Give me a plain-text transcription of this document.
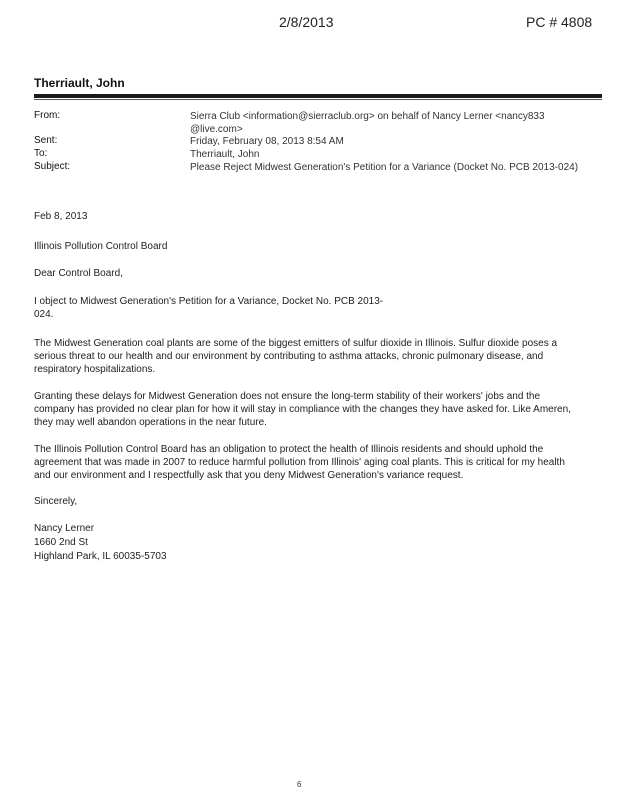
2/8/2013	PC # 4808
Therriault, John
From:	Sierra Club <information@sierraclub.org> on behalf of Nancy Lerner <nancy833 @live.com>
Sent:	Friday, February 08, 2013 8:54 AM
To:	Therriault, John
Subject:	Please Reject Midwest Generation's Petition for a Variance (Docket No. PCB 2013-024)

Feb 8, 2013

Illinois Pollution Control Board

Dear Control Board,

I object to Midwest Generation's Petition for a Variance, Docket No. PCB 2013-024.

The Midwest Generation coal plants are some of the biggest emitters of sulfur dioxide in Illinois. Sulfur dioxide poses a serious threat to our health and our environment by contributing to asthma attacks, chronic pulmonary disease, and respiratory hospitalizations.

Granting these delays for Midwest Generation does not ensure the long-term stability of their workers' jobs and the company has provided no clear plan for how it will stay in compliance with the changes they have asked for. Like Ameren, they may well abandon operations in the near future.

The Illinois Pollution Control Board has an obligation to protect the health of Illinois residents and should uphold the agreement that was made in 2007 to reduce harmful pollution from Illinois' aging coal plants. This is critical for my health and our environment and I respectfully ask that you deny Midwest Generation's variance request.

Sincerely,

Nancy Lerner

1660 2nd St

Highland Park, IL 60035-5703

6
